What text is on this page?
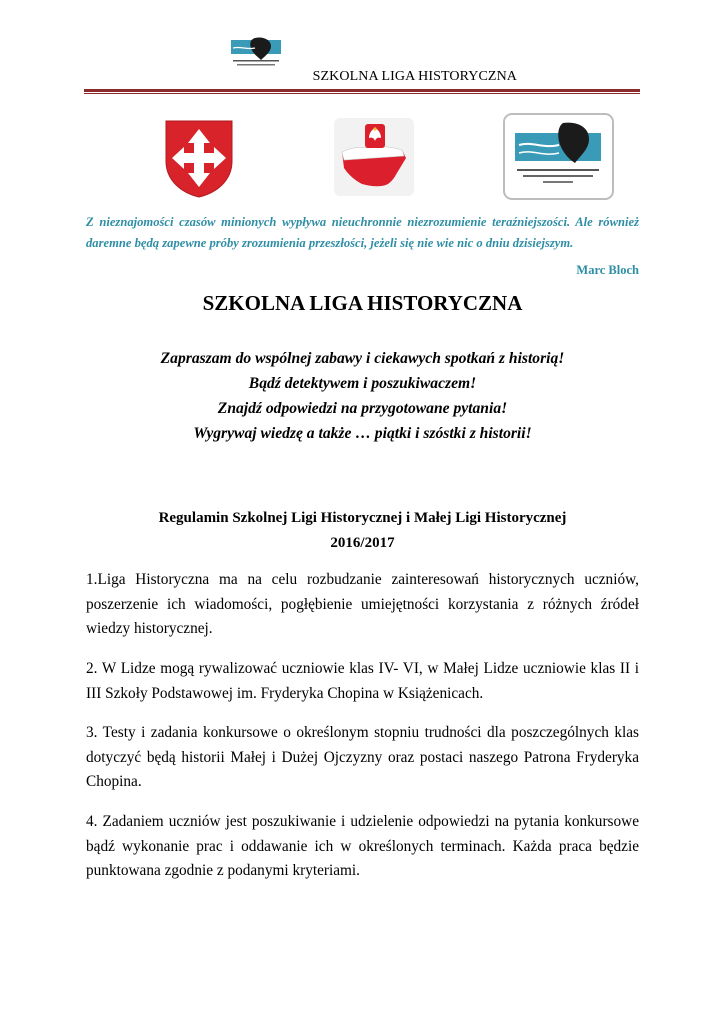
SZKOLNA LIGA HISTORYCZNA
Z nieznajomości czasów minionych wypływa nieuchronnie niezrozumienie teraźniejszości. Ale również daremne będą zapewne próby zrozumienia przeszłości, jeżeli się nie wie nic o dniu dzisiejszym.
Marc Bloch
SZKOLNA LIGA HISTORYCZNA
Zapraszam do wspólnej zabawy i ciekawych spotkań z historią!
Bądź detektywem i poszukiwaczem!
Znajdź odpowiedzi na przygotowane pytania!
Wygrywaj wiedzę a także … piątki i szóstki z historii!
Regulamin Szkolnej Ligi Historycznej i Małej Ligi Historycznej
2016/2017
1.Liga Historyczna ma na celu rozbudzanie zainteresowań historycznych uczniów, poszerzenie ich wiadomości, pogłębienie umiejętności korzystania z różnych źródeł wiedzy historycznej.
2. W Lidze mogą rywalizować uczniowie klas IV- VI, w Małej Lidze uczniowie klas II i III Szkoły Podstawowej im. Fryderyka Chopina w Książenicach.
3. Testy i zadania konkursowe o określonym stopniu trudności dla poszczególnych klas dotyczyć będą historii Małej i Dużej Ojczyzny oraz postaci naszego Patrona Fryderyka Chopina.
4. Zadaniem uczniów jest poszukiwanie i udzielenie odpowiedzi na pytania konkursowe bądź wykonanie prac i oddawanie ich w określonych terminach. Każda praca będzie punktowana zgodnie z podanymi kryteriami.
